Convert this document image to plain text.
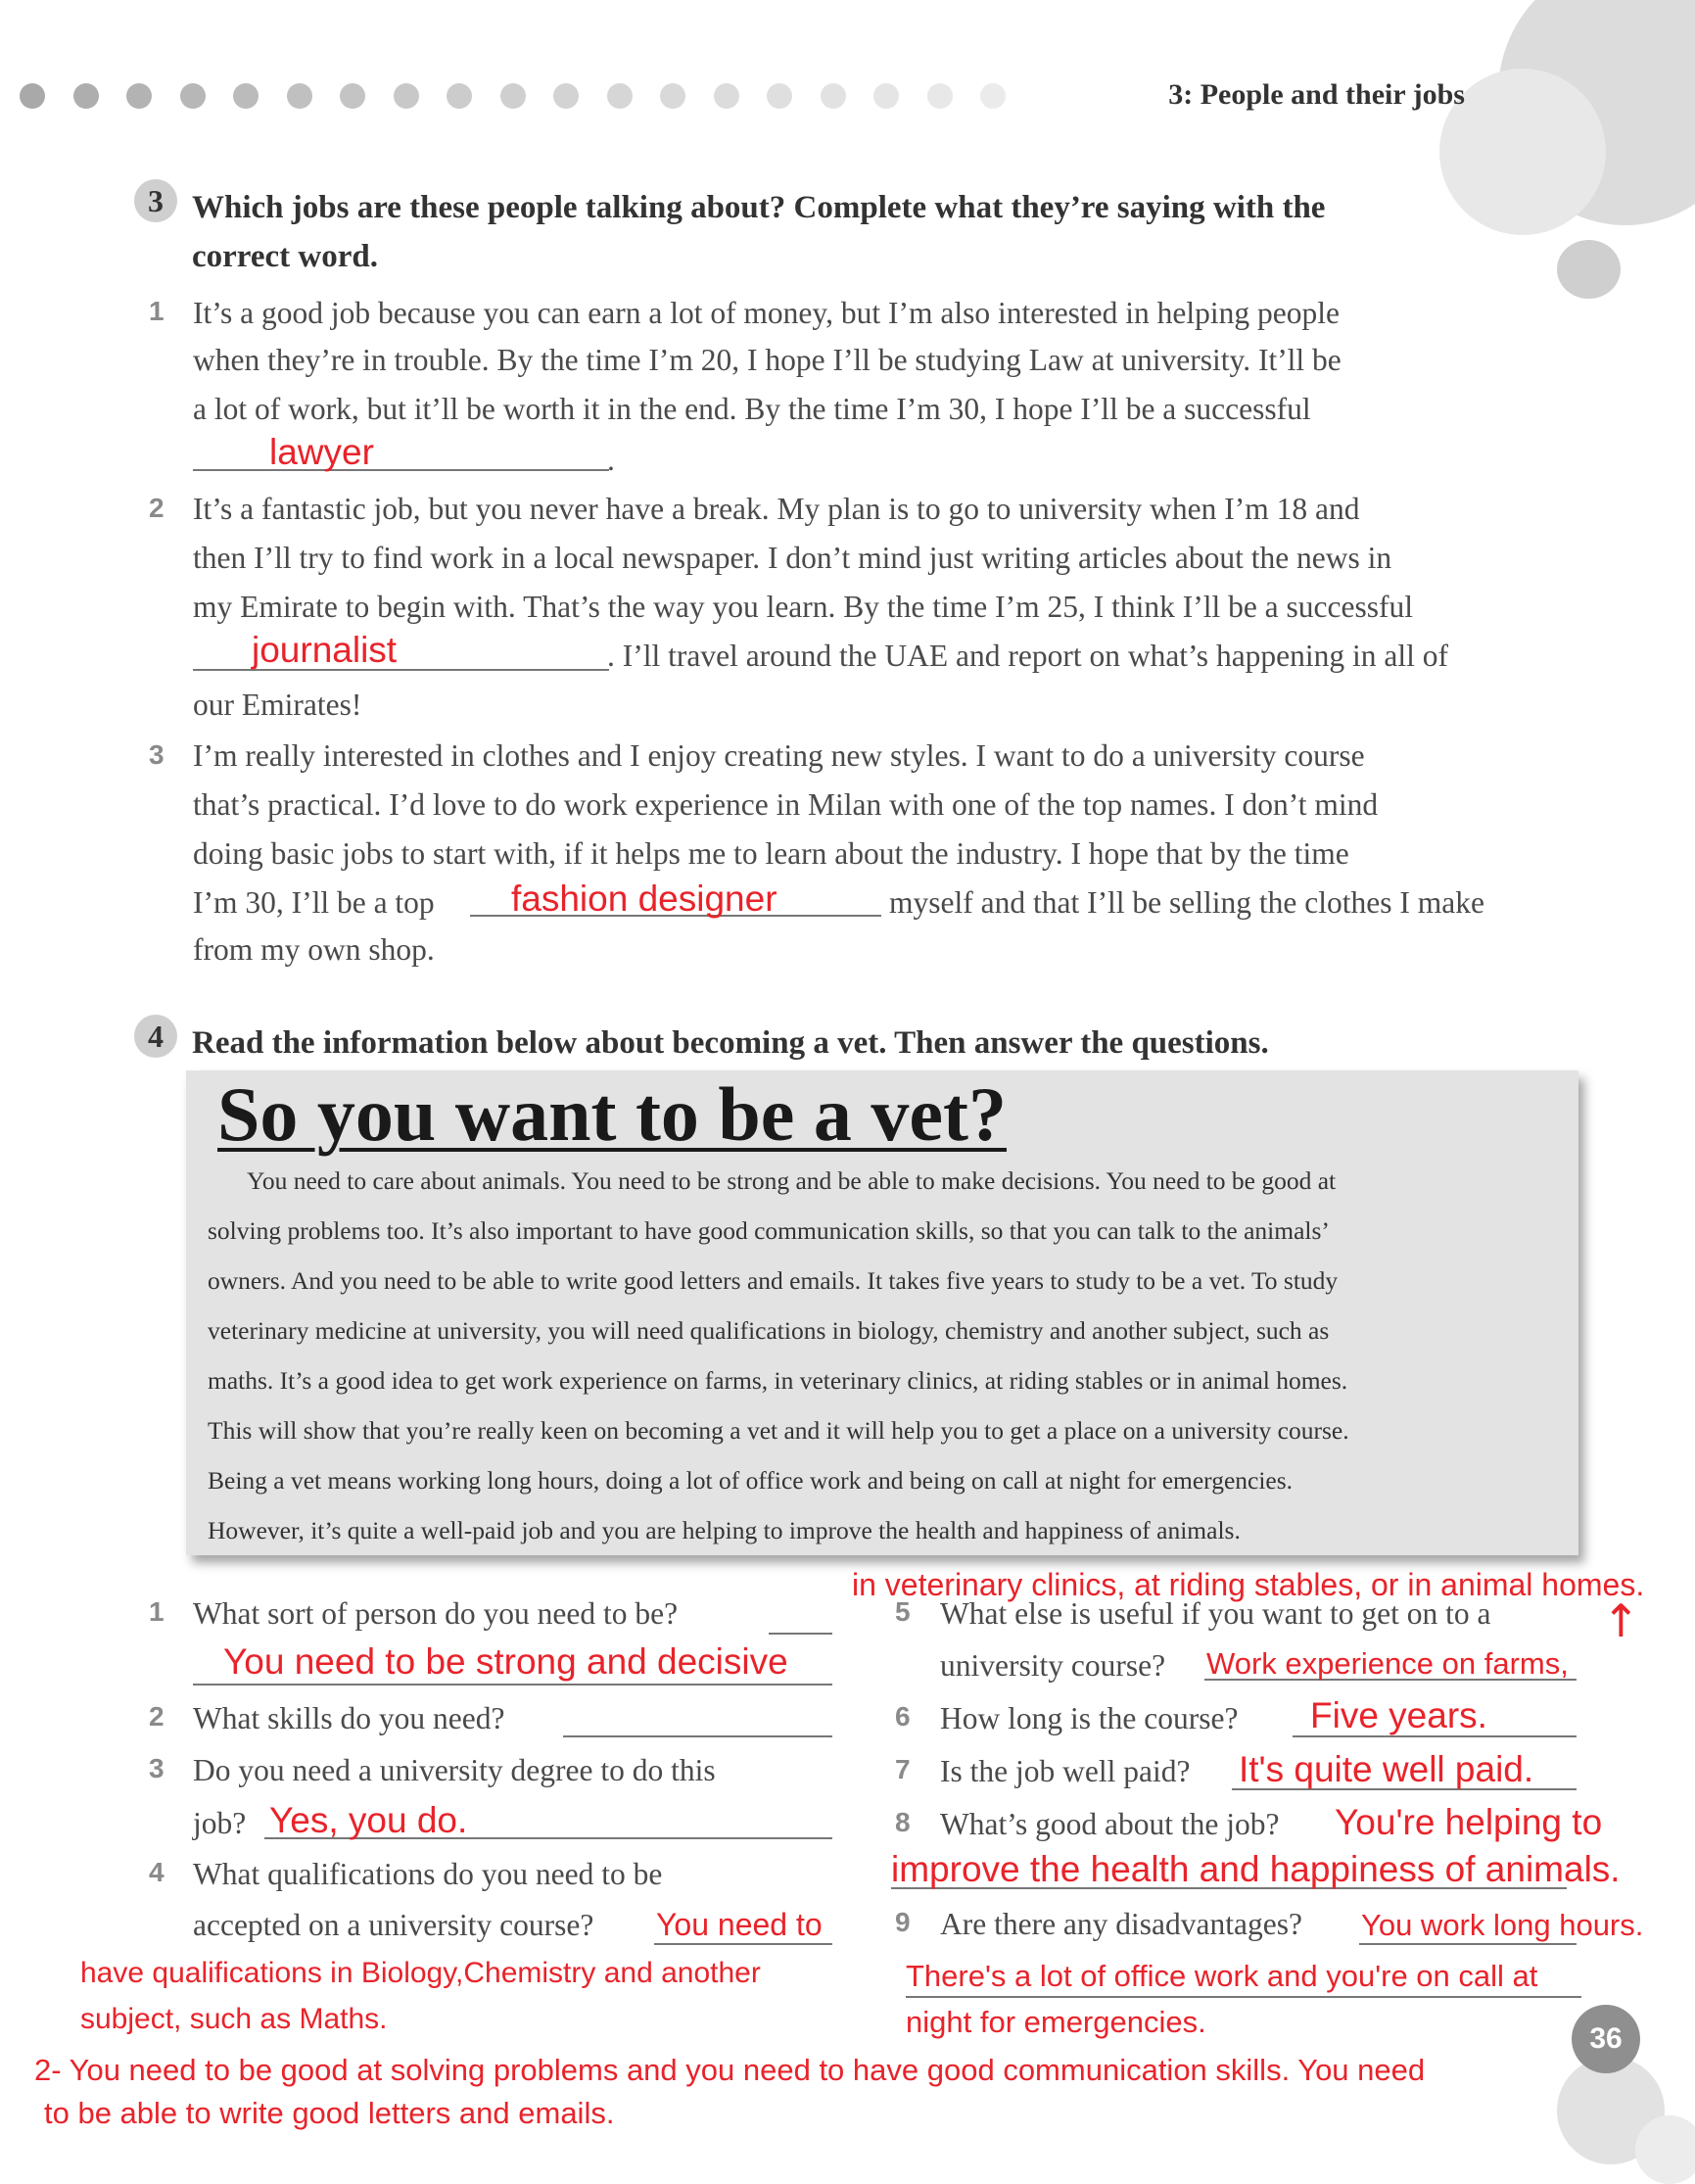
3: People and their jobs
3 Which jobs are these people talking about? Complete what they’re saying with the
correct word.
1 It’s a good job because you can earn a lot of money, but I’m also interested in helping people
when they’re in trouble. By the time I’m 20, I hope I’ll be studying Law at university. It’ll be
a lot of work, but it’ll be worth it in the end. By the time I’m 30, I hope I’ll be a successful
lawyer	.
2 It’s a fantastic job, but you never have a break. My plan is to go to university when I’m 18 and
then I’ll try to find work in a local newspaper. I don’t mind just writing articles about the news in
my Emirate to begin with. That’s the way you learn. By the time I’m 25, I think I’ll be a successful
journalist	. I’ll travel around the UAE and report on what’s happening in all of
our Emirates!
3 I’m really interested in clothes and I enjoy creating new styles. I want to do a university course
that’s practical. I’d love to do work experience in Milan with one of the top names. I don’t mind
doing basic jobs to start with, if it helps me to learn about the industry. I hope that by the time
I’m 30, I’ll be a top fashion designer	myself and that I’ll be selling the clothes I make
from my own shop.
4 Read the information below about becoming a vet. Then answer the questions.
So you want to be a vet?
You need to care about animals. You need to be strong and be able to make decisions. You need to be good at
solving problems too. It’s also important to have good communication skills, so that you can talk to the animals’
owners. And you need to be able to write good letters and emails. It takes five years to study to be a vet. To study
veterinary medicine at university, you will need qualifications in biology, chemistry and another subject, such as
maths. It’s a good idea to get work experience on farms, in veterinary clinics, at riding stables or in animal homes.
This will show that you’re really keen on becoming a vet and it will help you to get a place on a university course.
Being a vet means working long hours, doing a lot of office work and being on call at night for emergencies.
However, it’s quite a well-paid job and you are helping to improve the health and happiness of animals.
1 What sort of person do you need to be?
You need to be strong and decisive
2 What skills do you need?
3 Do you need a university degree to do this
job? Yes, you do.
4 What qualifications do you need to be
accepted on a university course? You need to
have qualifications in Biology,Chemistry and another
subject, such as Maths.
in veterinary clinics, at riding stables, or in animal homes.
↑
5 What else is useful if you want to get on to a
university course? Work experience on farms,
6 How long is the course? Five years.
7 Is the job well paid? It's quite well paid.
8 What’s good about the job? You're helping to
improve the health and happiness of animals.
9 Are there any disadvantages? You work long hours.
There's a lot of office work and you're on call at
night for emergencies.
2- You need to be good at solving problems and you need to have good communication skills. You need
to be able to write good letters and emails.
36
